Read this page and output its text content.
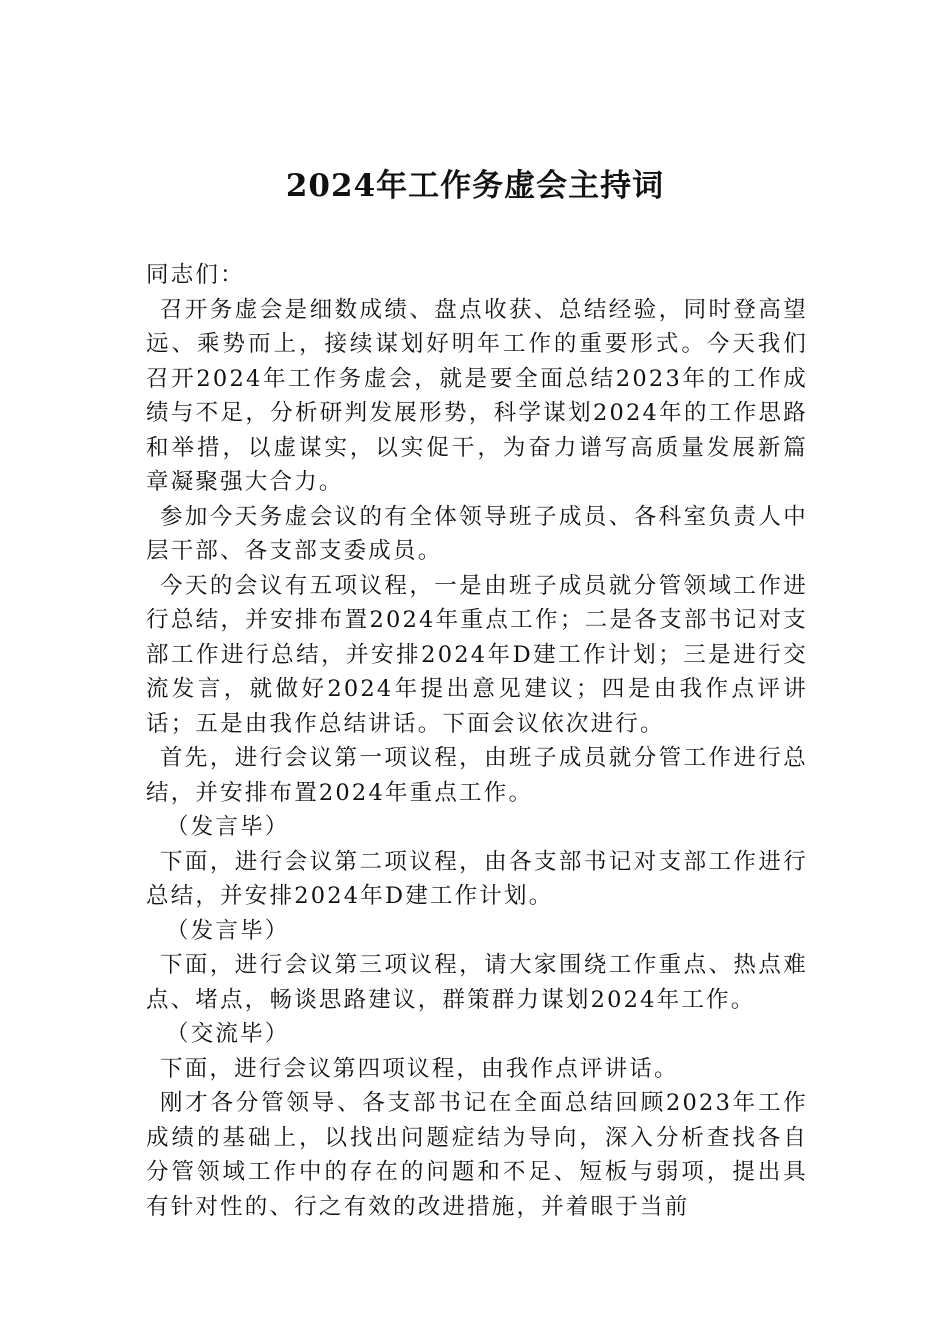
2024年工作务虚会主持词

同志们：

召开务虚会是细数成绩、盘点收获、总结经验，同时登高望远、乘势而上，接续谋划好明年工作的重要形式。今天我们召开2024年工作务虚会，就是要全面总结2023年的工作成绩与不足，分析研判发展形势，科学谋划2024年的工作思路和举措，以虚谋实，以实促干，为奋力谱写高质量发展新篇章凝聚强大合力。

参加今天务虚会议的有全体领导班子成员、各科室负责人中层干部、各支部支委成员。

今天的会议有五项议程，一是由班子成员就分管领域工作进行总结，并安排布置2024年重点工作；二是各支部书记对支部工作进行总结，并安排2024年D建工作计划；三是进行交流发言，就做好2024年提出意见建议；四是由我作点评讲话；五是由我作总结讲话。下面会议依次进行。

首先，进行会议第一项议程，由班子成员就分管工作进行总结，并安排布置2024年重点工作。

（发言毕）

下面，进行会议第二项议程，由各支部书记对支部工作进行总结，并安排2024年D建工作计划。

（发言毕）

下面，进行会议第三项议程，请大家围绕工作重点、热点难点、堵点，畅谈思路建议，群策群力谋划2024年工作。

（交流毕）

下面，进行会议第四项议程，由我作点评讲话。

刚才各分管领导、各支部书记在全面总结回顾2023年工作成绩的基础上，以找出问题症结为导向，深入分析查找各自分管领域工作中的存在的问题和不足、短板与弱项，提出具有针对性的、行之有效的改进措施，并着眼于当前
